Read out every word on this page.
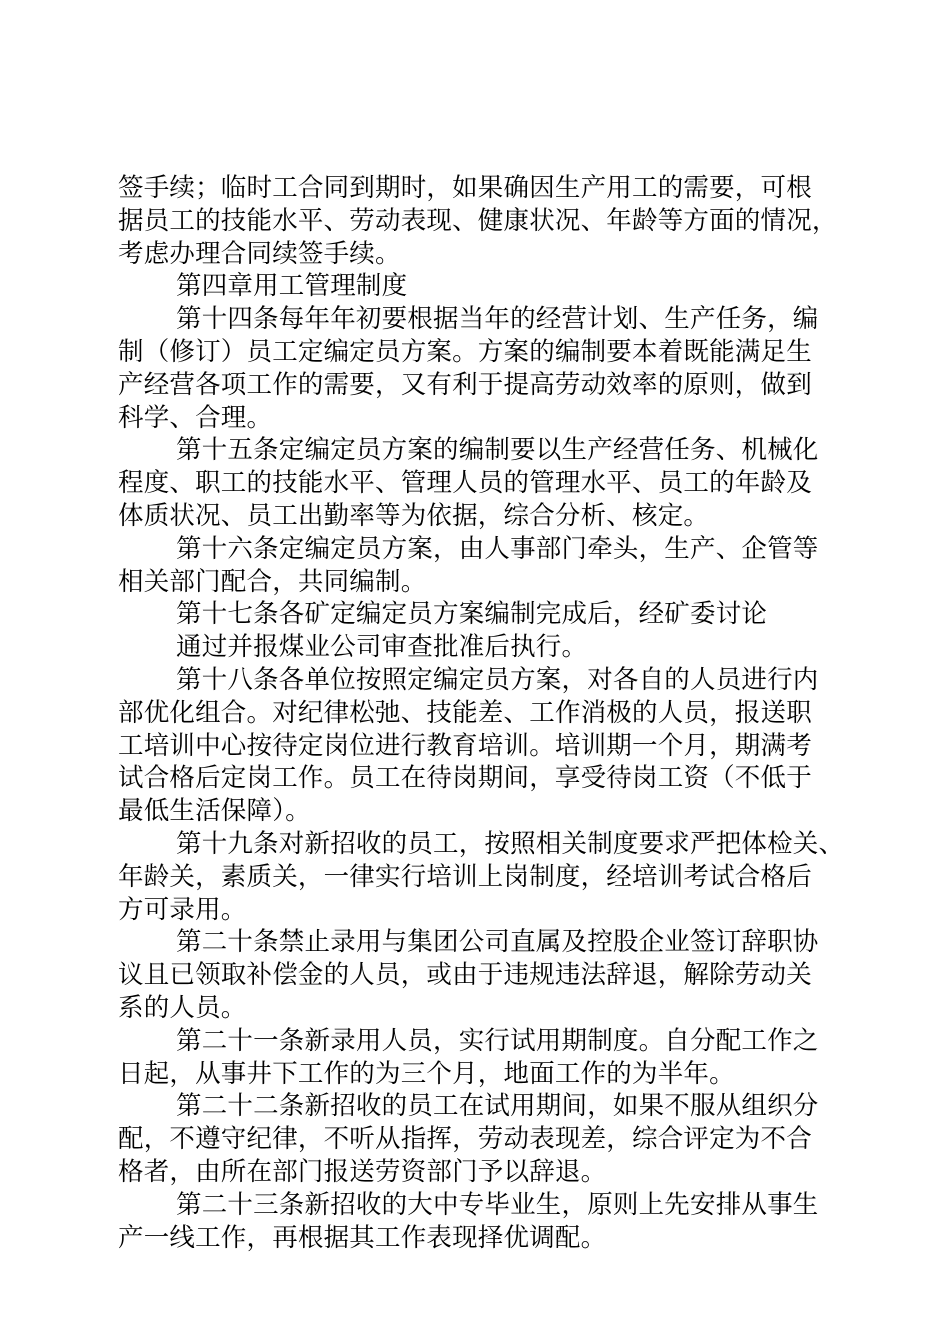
签手续；临时工合同到期时，如果确因生产用工的需要，可根
据员工的技能水平、劳动表现、健康状况、年龄等方面的情况，
考虑办理合同续签手续。
第四章用工管理制度
第十四条每年年初要根据当年的经营计划、生产任务，编
制（修订）员工定编定员方案。方案的编制要本着既能满足生
产经营各项工作的需要，又有利于提高劳动效率的原则，做到
科学、合理。
第十五条定编定员方案的编制要以生产经营任务、机械化
程度、职工的技能水平、管理人员的管理水平、员工的年龄及
体质状况、员工出勤率等为依据，综合分析、核定。
第十六条定编定员方案，由人事部门牵头，生产、企管等
相关部门配合，共同编制。
第十七条各矿定编定员方案编制完成后，经矿委讨论
通过并报煤业公司审查批准后执行。
第十八条各单位按照定编定员方案，对各自的人员进行内
部优化组合。对纪律松弛、技能差、工作消极的人员，报送职
工培训中心按待定岗位进行教育培训。培训期一个月，期满考
试合格后定岗工作。员工在待岗期间，享受待岗工资（不低于
最低生活保障）。
第十九条对新招收的员工，按照相关制度要求严把体检关、
年龄关，素质关，一律实行培训上岗制度，经培训考试合格后
方可录用。
第二十条禁止录用与集团公司直属及控股企业签订辞职协
议且已领取补偿金的人员，或由于违规违法辞退，解除劳动关
系的人员。
第二十一条新录用人员，实行试用期制度。自分配工作之
日起，从事井下工作的为三个月，地面工作的为半年。
第二十二条新招收的员工在试用期间，如果不服从组织分
配，不遵守纪律，不听从指挥，劳动表现差，综合评定为不合
格者，由所在部门报送劳资部门予以辞退。
第二十三条新招收的大中专毕业生，原则上先安排从事生
产一线工作，再根据其工作表现择优调配。
